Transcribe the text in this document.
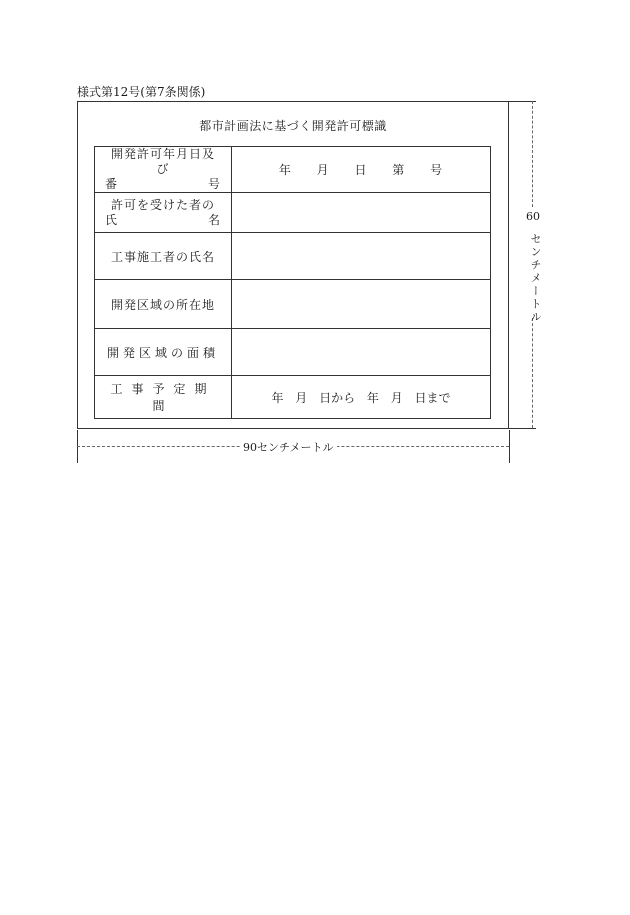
様式第12号(第7条関係)
都市計画法に基づく開発許可標識
開発許可年月日及び
番 号	年 月 日 第 号

許可を受けた者の
氏 名	

工事施工者の氏名	

開発区域の所在地	

開発区域の面積	

工事予定期間	年 月 日から 年 月 日まで
60
センチメートル
90センチメートル
